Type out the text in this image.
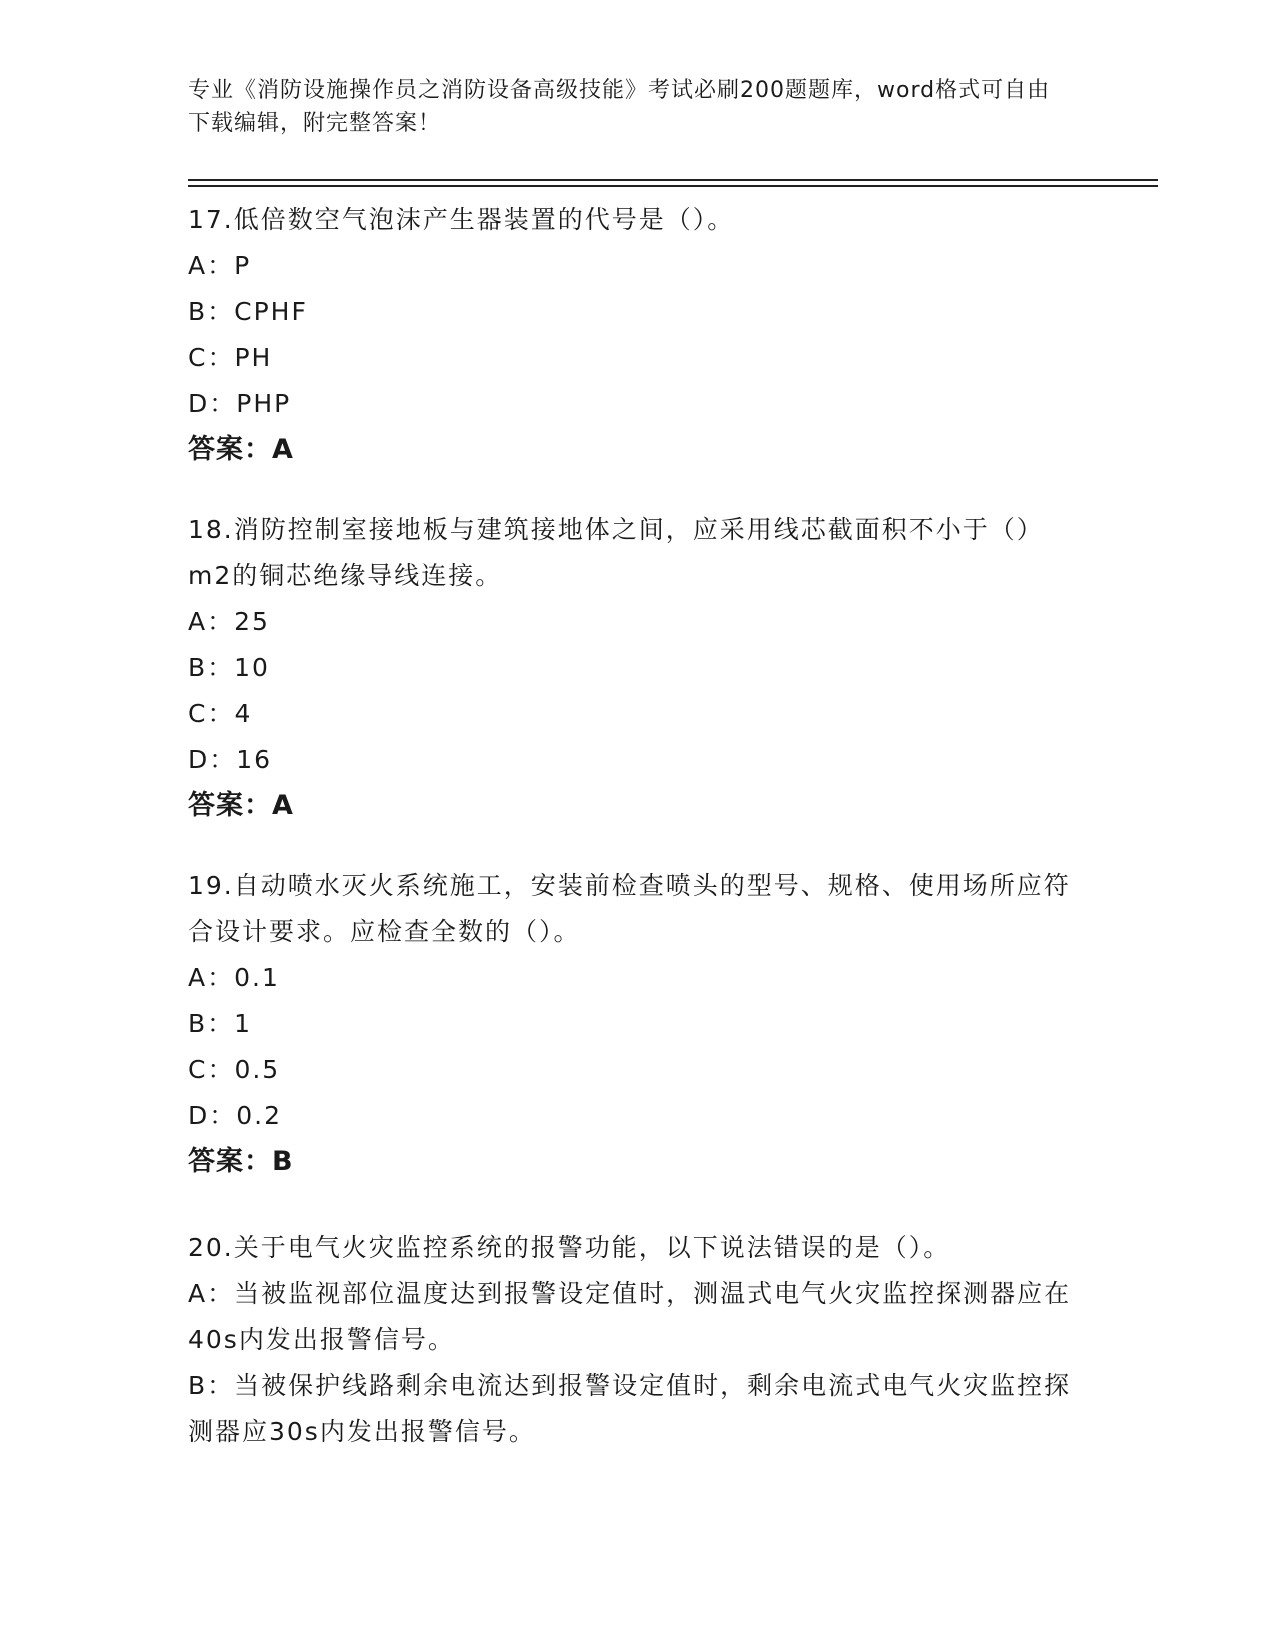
专业《消防设施操作员之消防设备高级技能》考试必刷200题题库，word格式可自由下载编辑，附完整答案！

17.低倍数空气泡沫产生器装置的代号是（）。

A：P

B：CPHF

C：PH

D：PHP

答案：A

18.消防控制室接地板与建筑接地体之间，应采用线芯截面积不小于（）m2的铜芯绝缘导线连接。

A：25

B：10

C：4

D：16

答案：A

19.自动喷水灭火系统施工，安装前检查喷头的型号、规格、使用场所应符合设计要求。应检查全数的（）。

A：0.1

B：1

C：0.5

D：0.2

答案：B

20.关于电气火灾监控系统的报警功能，以下说法错误的是（）。

A：当被监视部位温度达到报警设定值时，测温式电气火灾监控探测器应在40s内发出报警信号。

B：当被保护线路剩余电流达到报警设定值时，剩余电流式电气火灾监控探测器应30s内发出报警信号。
